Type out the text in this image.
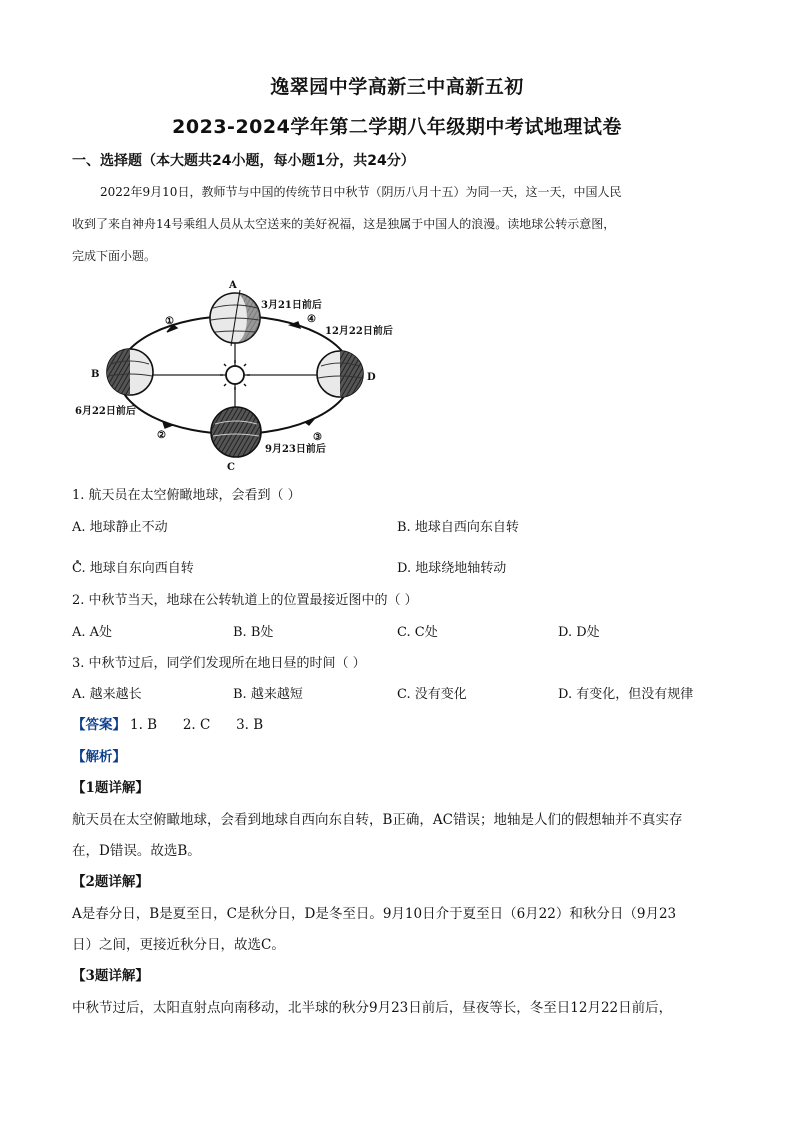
逸翠园中学高新三中高新五初
2023-2024学年第二学期八年级期中考试地理试卷
一、选择题（本大题共24小题，每小题1分，共24分）
2022年9月10日，教师节与中国的传统节日中秋节（阴历八月十五）为同一天，这一天，中国人民
收到了来自神舟14号乘组人员从太空送来的美好祝福，这是独属于中国人的浪漫。读地球公转示意图，
完成下面小题。
A
B
C
D
3月21日前后
6月22日前后
9月23日前后
12月22日前后
①
②	③
④
1. 航天员在太空俯瞰地球，会看到（ ）
A. 地球静止不动	B. 地球自西向东自转
C. 地球自东向西自转	D. 地球绕地轴转动
2. 中秋节当天，地球在公转轨道上的位置最接近图中的（ ）
A. A处	B. B处	C. C处	D. D处
3. 中秋节过后，同学们发现所在地日昼的时间（ ）
A. 越来越长	B. 越来越短	C. 没有变化	D. 有变化，但没有规律
【答案】 1. B      2. C      3. B
【解析】
【1题详解】
航天员在太空俯瞰地球，会看到地球自西向东自转，B正确，AC错误；地轴是人们的假想轴并不真实存
在，D错误。故选B。
【2题详解】
A是春分日，B是夏至日，C是秋分日，D是冬至日。9月10日介于夏至日（6月22）和秋分日（9月23
日）之间，更接近秋分日，故选C。
【3题详解】
中秋节过后，太阳直射点向南移动，北半球的秋分9月23日前后，昼夜等长，冬至日12月22日前后，
